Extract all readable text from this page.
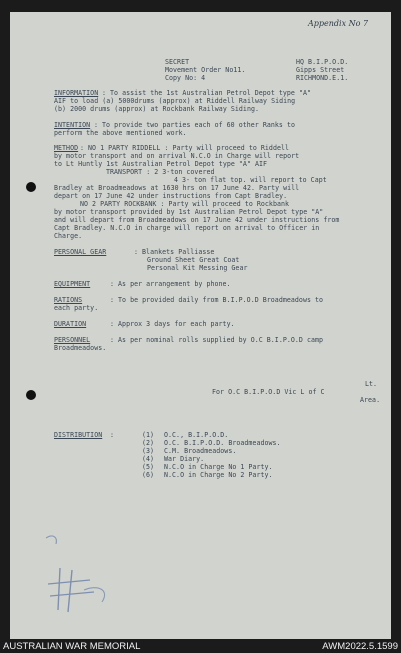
Appendix No 7
SECRET
Movement Order No11.
Copy No: 4
HQ B.I.P.O.D.
Gipps Street
RICHMOND.E.1.
INFORMATION : To assist the 1st Australian Petrol Depot type "A"
AIF to load (a) 5000drums (approx) at Riddell Railway Siding
(b) 2000 drums (approx) at Rockbank Railway Siding.
INTENTION : To provide two parties each of 60 other Ranks to
perform the above mentioned work.
METHOD : NO 1 PARTY RIDDELL : Party will proceed to Riddell
by motor transport and on arrival N.C.O in Charge will report
to Lt Huntly 1st Australian Petrol Depot type "A" AIF
TRANSPORT : 2 3-ton covered
4 3- ton flat top. will report to Capt
Bradley at Broadmeadows at 1630 hrs on 17 June 42. Party will
depart on 17 June 42 under instructions from Capt Bradley.
NO 2 PARTY ROCKBANK : Party will proceed to Rockbank
by motor transport provided by 1st Australian Petrol Depot type "A"
and will depart from Broadmeadows on 17 June 42 under instructions from
Capt Bradley. N.C.O in charge will report on arrival to Officer in
Charge.
PERSONAL GEAR	: Blankets Palliasse
Ground Sheet Great Coat
Personal Kit Messing Gear
EQUIPMENT	: As per arrangement by phone.
RATIONS	: To be provided daily from B.I.P.O.D Broadmeadows to
each party.
DURATION	: Approx 3 days for each party.
PERSONNEL	: As per nominal rolls supplied by O.C B.I.P.O.D camp
Broadmeadows.
Lt.
For O.C B.I.P.O.D Vic L of C
Area.
DISTRIBUTION :	(1) O.C., B.I.P.O.D.
(2) O.C. B.I.P.O.D. Broadmeadows.
(3) C.M. Broadmeadows.
(4) War Diary.
(5) N.C.O in Charge No 1 Party.
(6) N.C.O in Charge No 2 Party.
AUSTRALIAN WAR MEMORIAL	AWM2022.5.1599
